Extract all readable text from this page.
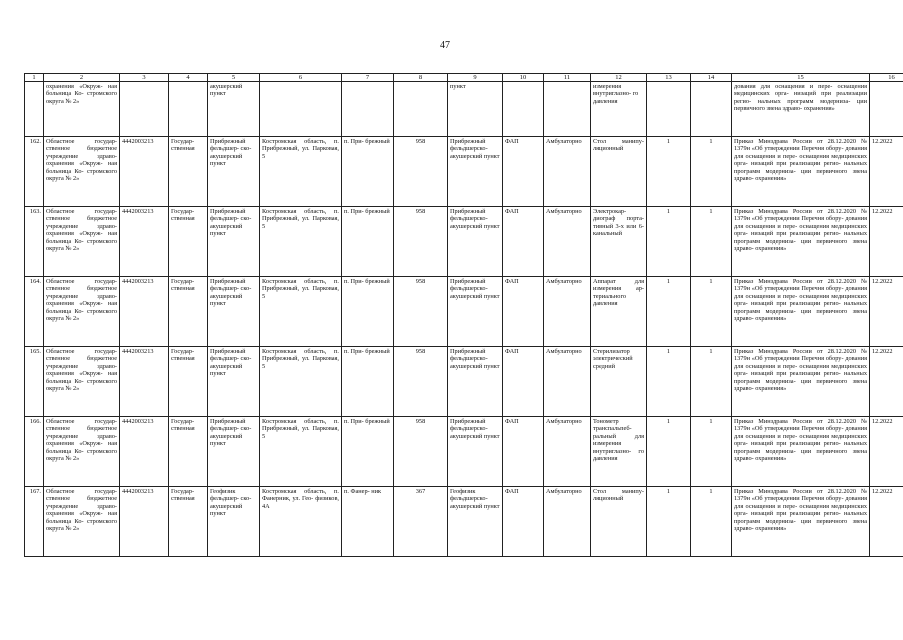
47
1	2	3	4	5	6	7	8	9	10	11	12	13	14	15	16
	охранения «Окруж- ная больница Ко- стромского округа № 2»			акушерский пункт				пункт			измерения внутриглазно- го давления			дования для оснащения и пере- оснащения медицинских орга- низаций при реализации регио- нальных программ модерниза- ции первичного звена здраво- охранения»	
162.	Областное государ- ственное бюджетное учреждение здраво- охранения «Окруж- ная больница Ко- стромского округа № 2»	4442003213	Государ- ственная	Прибрежный фельдшер- ско- акушерский пункт	Костромская область, п. Прибрежный, ул. Парковая, 5	п. При- брежный	958	Прибрежный фельдшерско- акушерский пункт	ФАП	Амбулаторно	Стол манипу- ляционный	1	1	Приказ Минздрава России от 28.12.2020 № 1379н «Об утверждении Перечня обору- дования для оснащения и пере- оснащения медицинских орга- низаций при реализации регио- нальных программ модерниза- ции первичного звена здраво- охранения»	12.2022
163.	Областное государ- ственное бюджетное учреждение здраво- охранения «Окруж- ная больница Ко- стромского округа № 2»	4442003213	Государ- ственная	Прибрежный фельдшер- ско- акушерский пункт	Костромская область, п. Прибрежный, ул. Парковая, 5	п. При- брежный	958	Прибрежный фельдшерско- акушерский пункт	ФАП	Амбулаторно	Электрокар- диограф порта- тивный 3-х или 6-канальный	1	1	Приказ Минздрава России от 28.12.2020 № 1379н «Об утверждении Перечня обору- дования для оснащения и пере- оснащения медицинских орга- низаций при реализации регио- нальных программ модерниза- ции первичного звена здраво- охранения»	12.2022
164.	Областное государ- ственное бюджетное учреждение здраво- охранения «Окруж- ная больница Ко- стромского округа № 2»	4442003213	Государ- ственная	Прибрежный фельдшер- ско- акушерский пункт	Костромская область, п. Прибрежный, ул. Парковая, 5	п. При- брежный	958	Прибрежный фельдшерско- акушерский пункт	ФАП	Амбулаторно	Аппарат для измерения ар- териального давления	1	1	Приказ Минздрава России от 28.12.2020 № 1379н «Об утверждении Перечня обору- дования для оснащения и пере- оснащения медицинских орга- низаций при реализации регио- нальных программ модерниза- ции первичного звена здраво- охранения»	12.2022
165.	Областное государ- ственное бюджетное учреждение здраво- охранения «Окруж- ная больница Ко- стромского округа № 2»	4442003213	Государ- ственная	Прибрежный фельдшер- ско- акушерский пункт	Костромская область, п. Прибрежный, ул. Парковая, 5	п. При- брежный	958	Прибрежный фельдшерско- акушерский пункт	ФАП	Амбулаторно	Стерилизатор электрический средний	1	1	Приказ Минздрава России от 28.12.2020 № 1379н «Об утверждении Перечня обору- дования для оснащения и пере- оснащения медицинских орга- низаций при реализации регио- нальных программ модерниза- ции первичного звена здраво- охранения»	12.2022
166.	Областное государ- ственное бюджетное учреждение здраво- охранения «Окруж- ная больница Ко- стромского округа № 2»	4442003213	Государ- ственная	Прибрежный фельдшер- ско- акушерский пункт	Костромская область, п. Прибрежный, ул. Парковая, 5	п. При- брежный	958	Прибрежный фельдшерско- акушерский пункт	ФАП	Амбулаторно	Тонометр транспальпеб- ральный для измерения внутриглазно- го давления	1	1	Приказ Минздрава России от 28.12.2020 № 1379н «Об утверждении Перечня обору- дования для оснащения и пере- оснащения медицинских орга- низаций при реализации регио- нальных программ модерниза- ции первичного звена здраво- охранения»	12.2022
167.	Областное государ- ственное бюджетное учреждение здраво- охранения «Окруж- ная больница Ко- стромского округа № 2»	4442003213	Государ- ственная	Геофизик фельдшер- ско- акушерский пункт	Костромская область, п. Фанерник, ул. Гео- физиков, 4А	п. Фанер- ник	367	Геофизик фельдшерско- акушерский пункт	ФАП	Амбулаторно	Стол манипу- ляционный	1	1	Приказ Минздрава России от 28.12.2020 № 1379н «Об утверждении Перечня обору- дования для оснащения и пере- оснащения медицинских орга- низаций при реализации регио- нальных программ модерниза- ции первичного звена здраво- охранения»	12.2022
